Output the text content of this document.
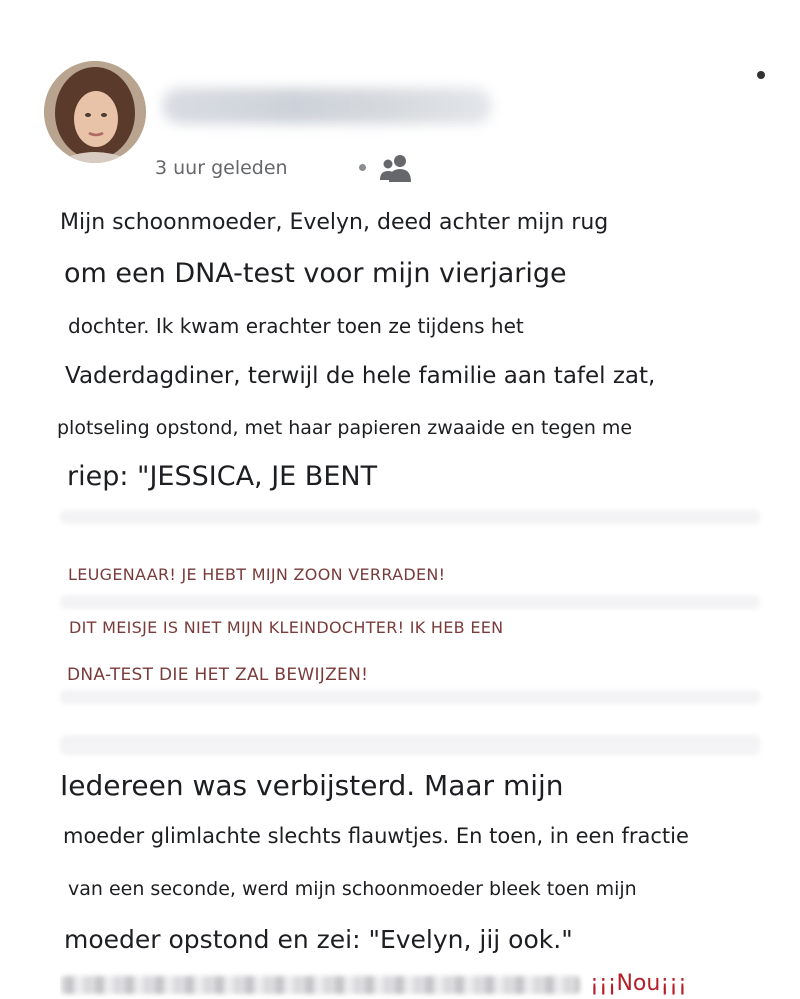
3 uur geleden
Mijn schoonmoeder, Evelyn, deed achter mijn rug
om een DNA-test voor mijn vierjarige
dochter. Ik kwam erachter toen ze tijdens het
Vaderdagdiner, terwijl de hele familie aan tafel zat,
plotseling opstond, met haar papieren zwaaide en tegen me
riep: "JESSICA, JE BENT
LEUGENAAR! JE HEBT MIJN ZOON VERRADEN!
DIT MEISJE IS NIET MIJN KLEINDOCHTER! IK HEB EEN
DNA-TEST DIE HET ZAL BEWIJZEN!
Iedereen was verbijsterd. Maar mijn
moeder glimlachte slechts flauwtjes. En toen, in een fractie
van een seconde, werd mijn schoonmoeder bleek toen mijn
moeder opstond en zei: "Evelyn, jij ook."
¡¡¡Nou¡¡¡
